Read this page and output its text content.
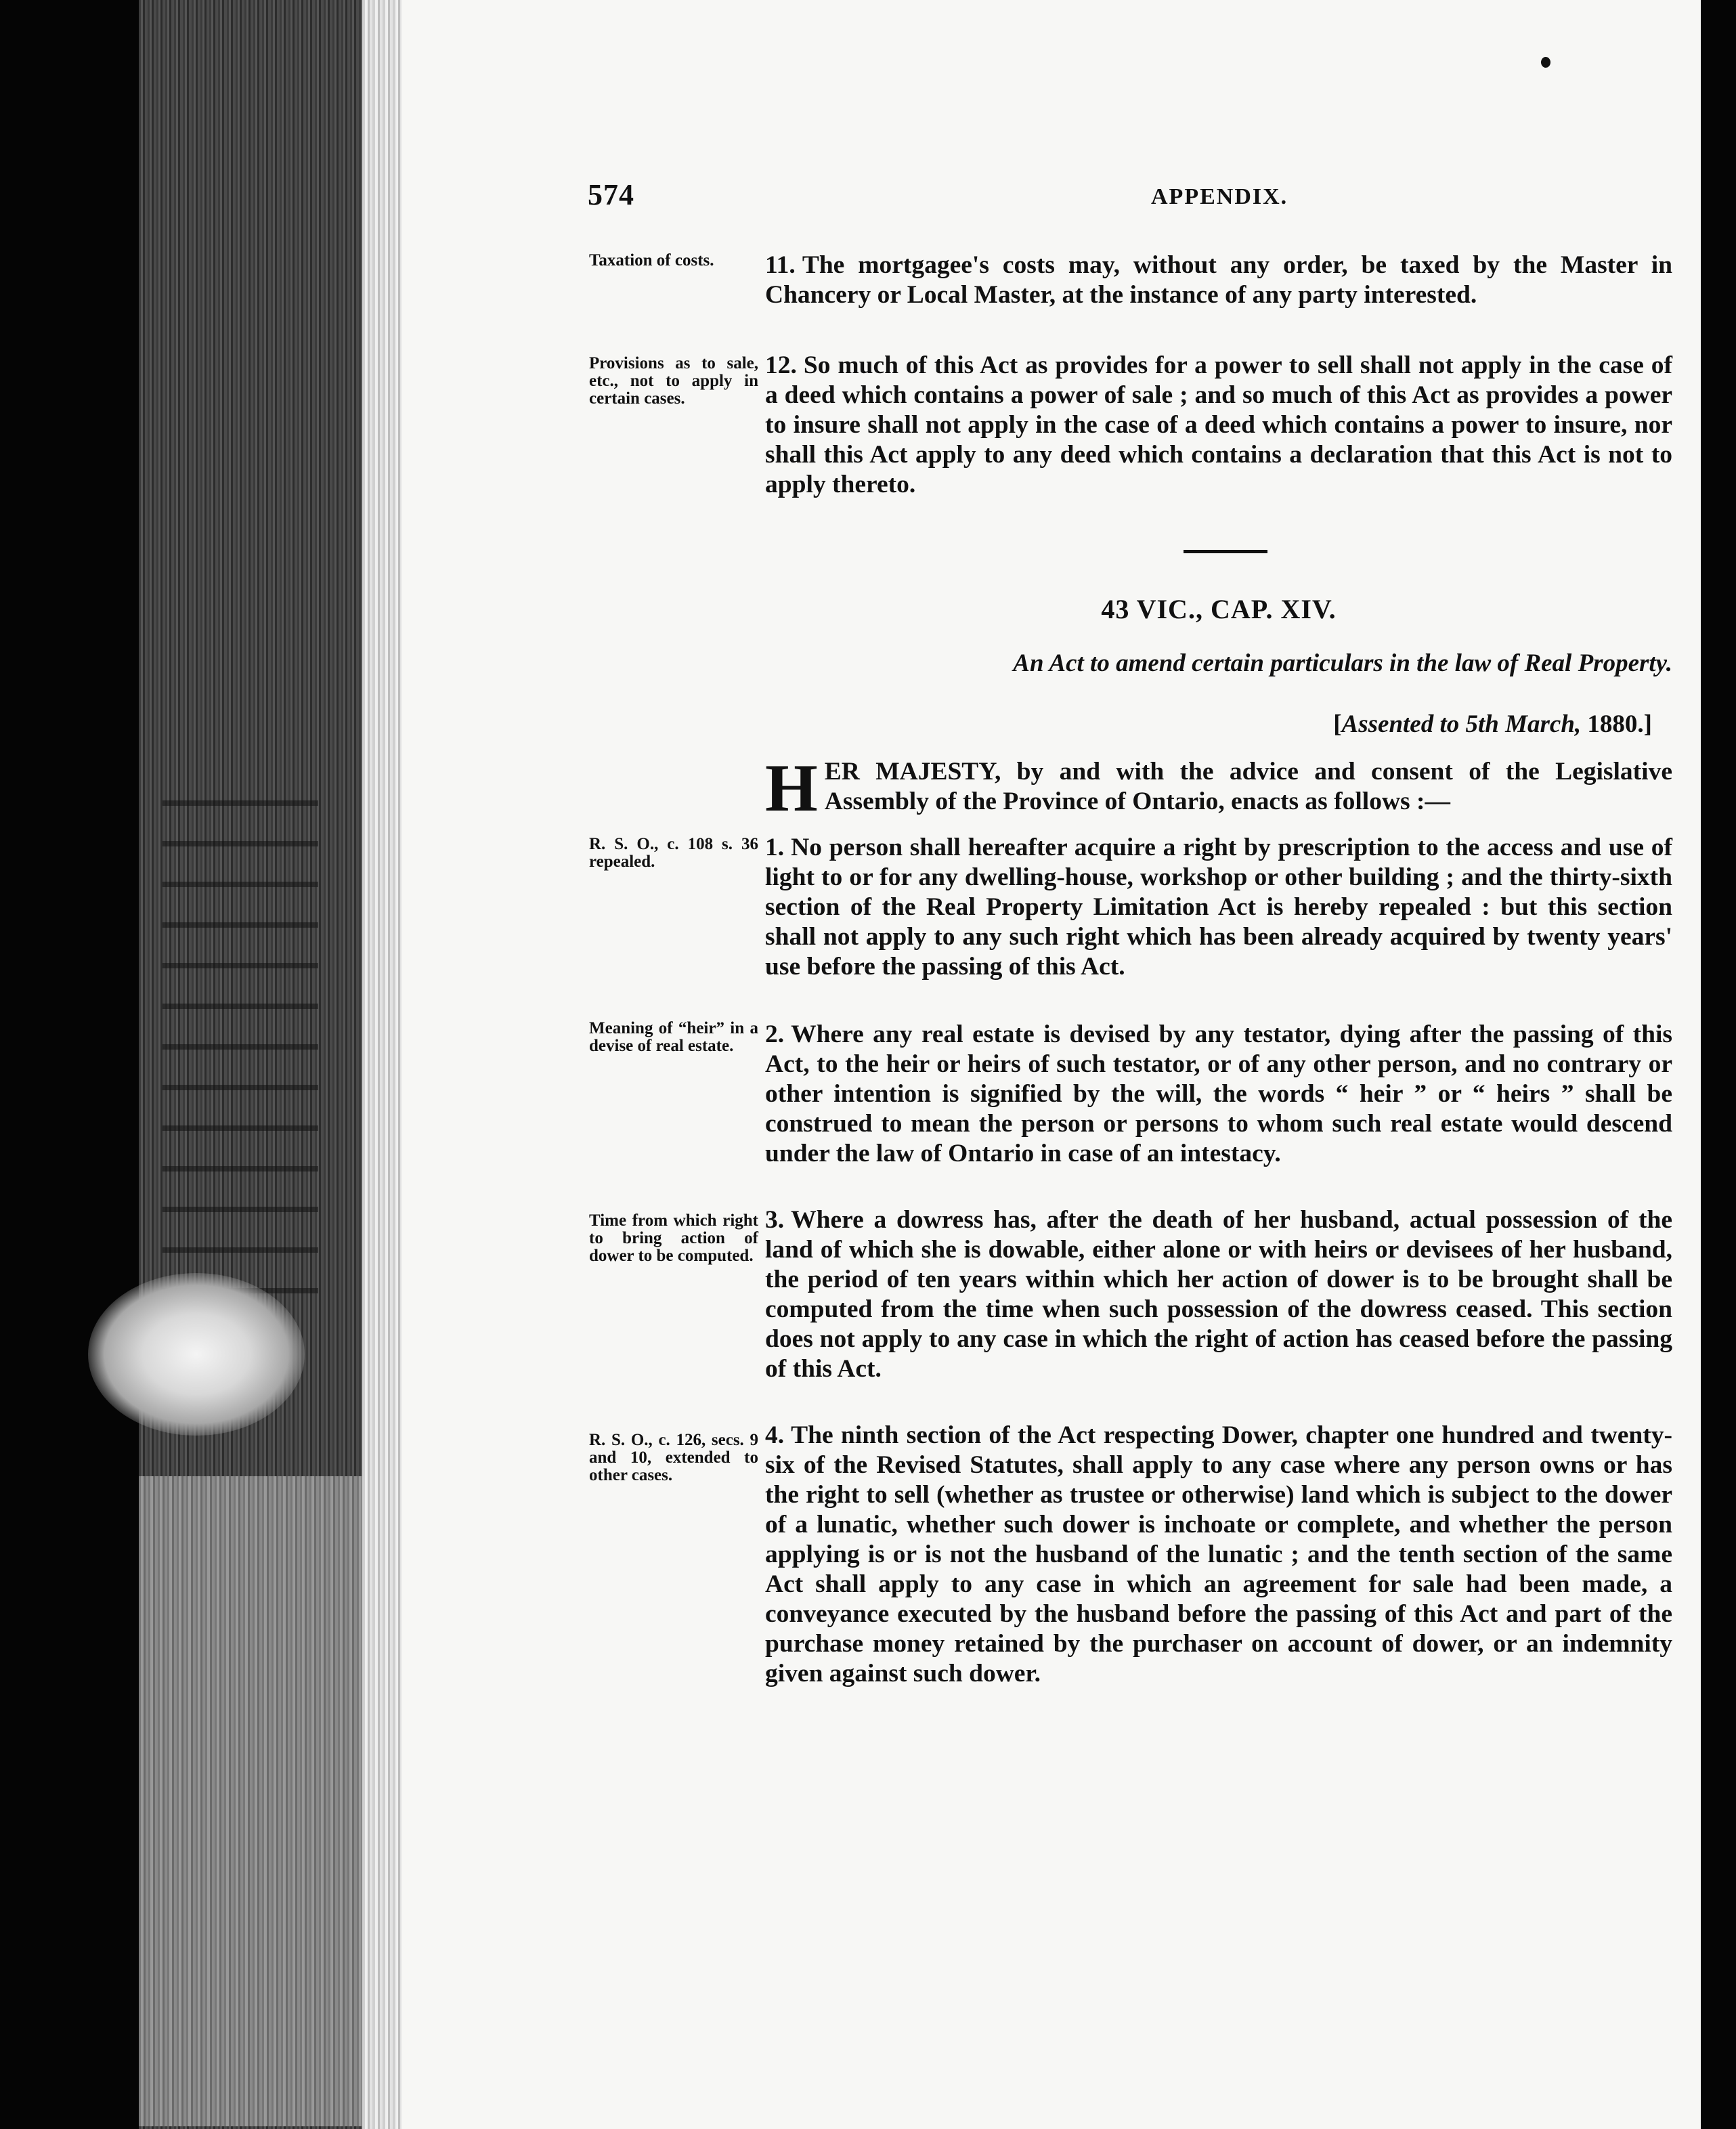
574	APPENDIX.
Taxation of costs.	11. The mortgagee's costs may, without any order, be taxed by the Master in Chancery or Local Master, at the instance of any party interested.
Provisions as to sale, etc., not to apply in certain cases.
12. So much of this Act as provides for a power to sell shall not apply in the case of a deed which contains a power of sale ; and so much of this Act as provides a power to insure shall not apply in the case of a deed which contains a power to insure, nor shall this Act apply to any deed which contains a declaration that this Act is not to apply thereto.
43 VIC., CAP. XIV.
An Act to amend certain particulars in the law of Real Property.
[Assented to 5th March, 1880.]
HER MAJESTY, by and with the advice and consent of the Legislative Assembly of the Province of Ontario, enacts as follows :—
R. S. O., c. 108 s. 36 repealed.
1. No person shall hereafter acquire a right by prescription to the access and use of light to or for any dwelling-house, workshop or other building ; and the thirty-sixth section of the Real Property Limitation Act is hereby repealed : but this section shall not apply to any such right which has been already acquired by twenty years' use before the passing of this Act.
Meaning of “heir” in a devise of real estate.	2. Where any real estate is devised by any testator, dying after the passing of this Act, to the heir or heirs of such testator, or of any other person, and no contrary or other intention is signified by the will, the words “ heir ” or “ heirs ” shall be construed to mean the person or persons to whom such real estate would descend under the law of Ontario in case of an intestacy.
Time from which right to bring action of dower to be computed.
3. Where a dowress has, after the death of her husband, actual possession of the land of which she is dowable, either alone or with heirs or devisees of her husband, the period of ten years within which her action of dower is to be brought shall be computed from the time when such possession of the dowress ceased. This section does not apply to any case in which the right of action has ceased before the passing of this Act.
R. S. O., c. 126, secs. 9 and 10, extended to other cases.
4. The ninth section of the Act respecting Dower, chapter one hundred and twenty-six of the Revised Statutes, shall apply to any case where any person owns or has the right to sell (whether as trustee or otherwise) land which is subject to the dower of a lunatic, whether such dower is inchoate or complete, and whether the person applying is or is not the husband of the lunatic ; and the tenth section of the same Act shall apply to any case in which an agreement for sale had been made, a conveyance executed by the husband before the passing of this Act and part of the purchase money retained by the purchaser on account of dower, or an indemnity given against such dower.
